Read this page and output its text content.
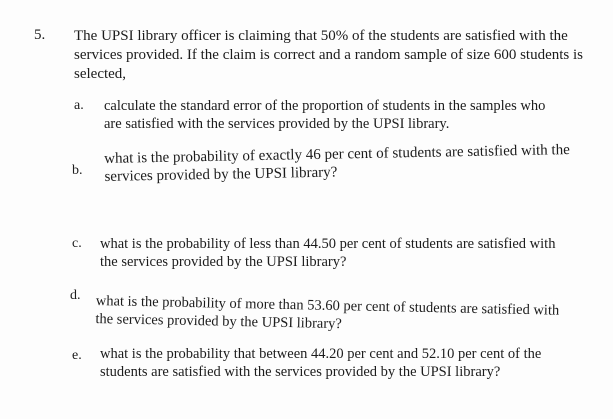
5. The UPSI library officer is claiming that 50% of the students are satisfied with the services provided. If the claim is correct and a random sample of size 600 students is selected,
a. calculate the standard error of the proportion of students in the samples who are satisfied with the services provided by the UPSI library.
b.
what is the probability of exactly 46 per cent of students are satisfied with the services provided by the UPSI library?
c. what is the probability of less than 44.50 per cent of students are satisfied with the services provided by the UPSI library?
d. what is the probability of more than 53.60 per cent of students are satisfied with the services provided by the UPSI library?
e. what is the probability that between 44.20 per cent and 52.10 per cent of the students are satisfied with the services provided by the UPSI library?
